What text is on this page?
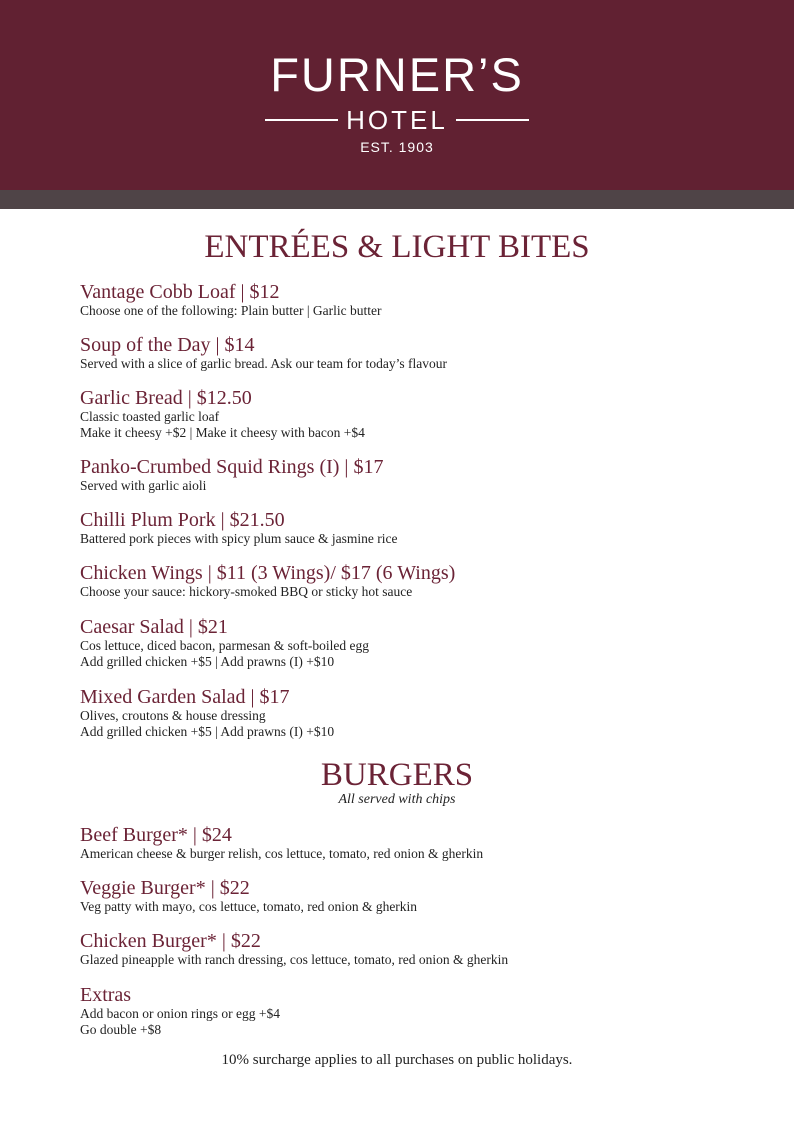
FURNER’S
HOTEL
EST. 1903
ENTRÉES & LIGHT BITES
Vantage Cobb Loaf | $12
Choose one of the following: Plain butter | Garlic butter
Soup of the Day | $14
Served with a slice of garlic bread. Ask our team for today’s flavour
Garlic Bread | $12.50
Classic toasted garlic loaf
Make it cheesy +$2 | Make it cheesy with bacon +$4
Panko-Crumbed Squid Rings (I) | $17
Served with garlic aioli
Chilli Plum Pork | $21.50
Battered pork pieces with spicy plum sauce & jasmine rice
Chicken Wings | $11 (3 Wings)/ $17 (6 Wings)
Choose your sauce: hickory-smoked BBQ or sticky hot sauce
Caesar Salad | $21
Cos lettuce, diced bacon, parmesan & soft-boiled egg
Add grilled chicken +$5 | Add prawns (I) +$10
Mixed Garden Salad | $17
Olives, croutons & house dressing
Add grilled chicken +$5 | Add prawns (I) +$10
BURGERS
All served with chips
Beef Burger* | $24
American cheese & burger relish, cos lettuce, tomato, red onion & gherkin
Veggie Burger* | $22
Veg patty with mayo, cos lettuce, tomato, red onion & gherkin
Chicken Burger* | $22
Glazed pineapple with ranch dressing, cos lettuce, tomato, red onion & gherkin
Extras
Add bacon or onion rings or egg +$4
Go double +$8
10% surcharge applies to all purchases on public holidays.
